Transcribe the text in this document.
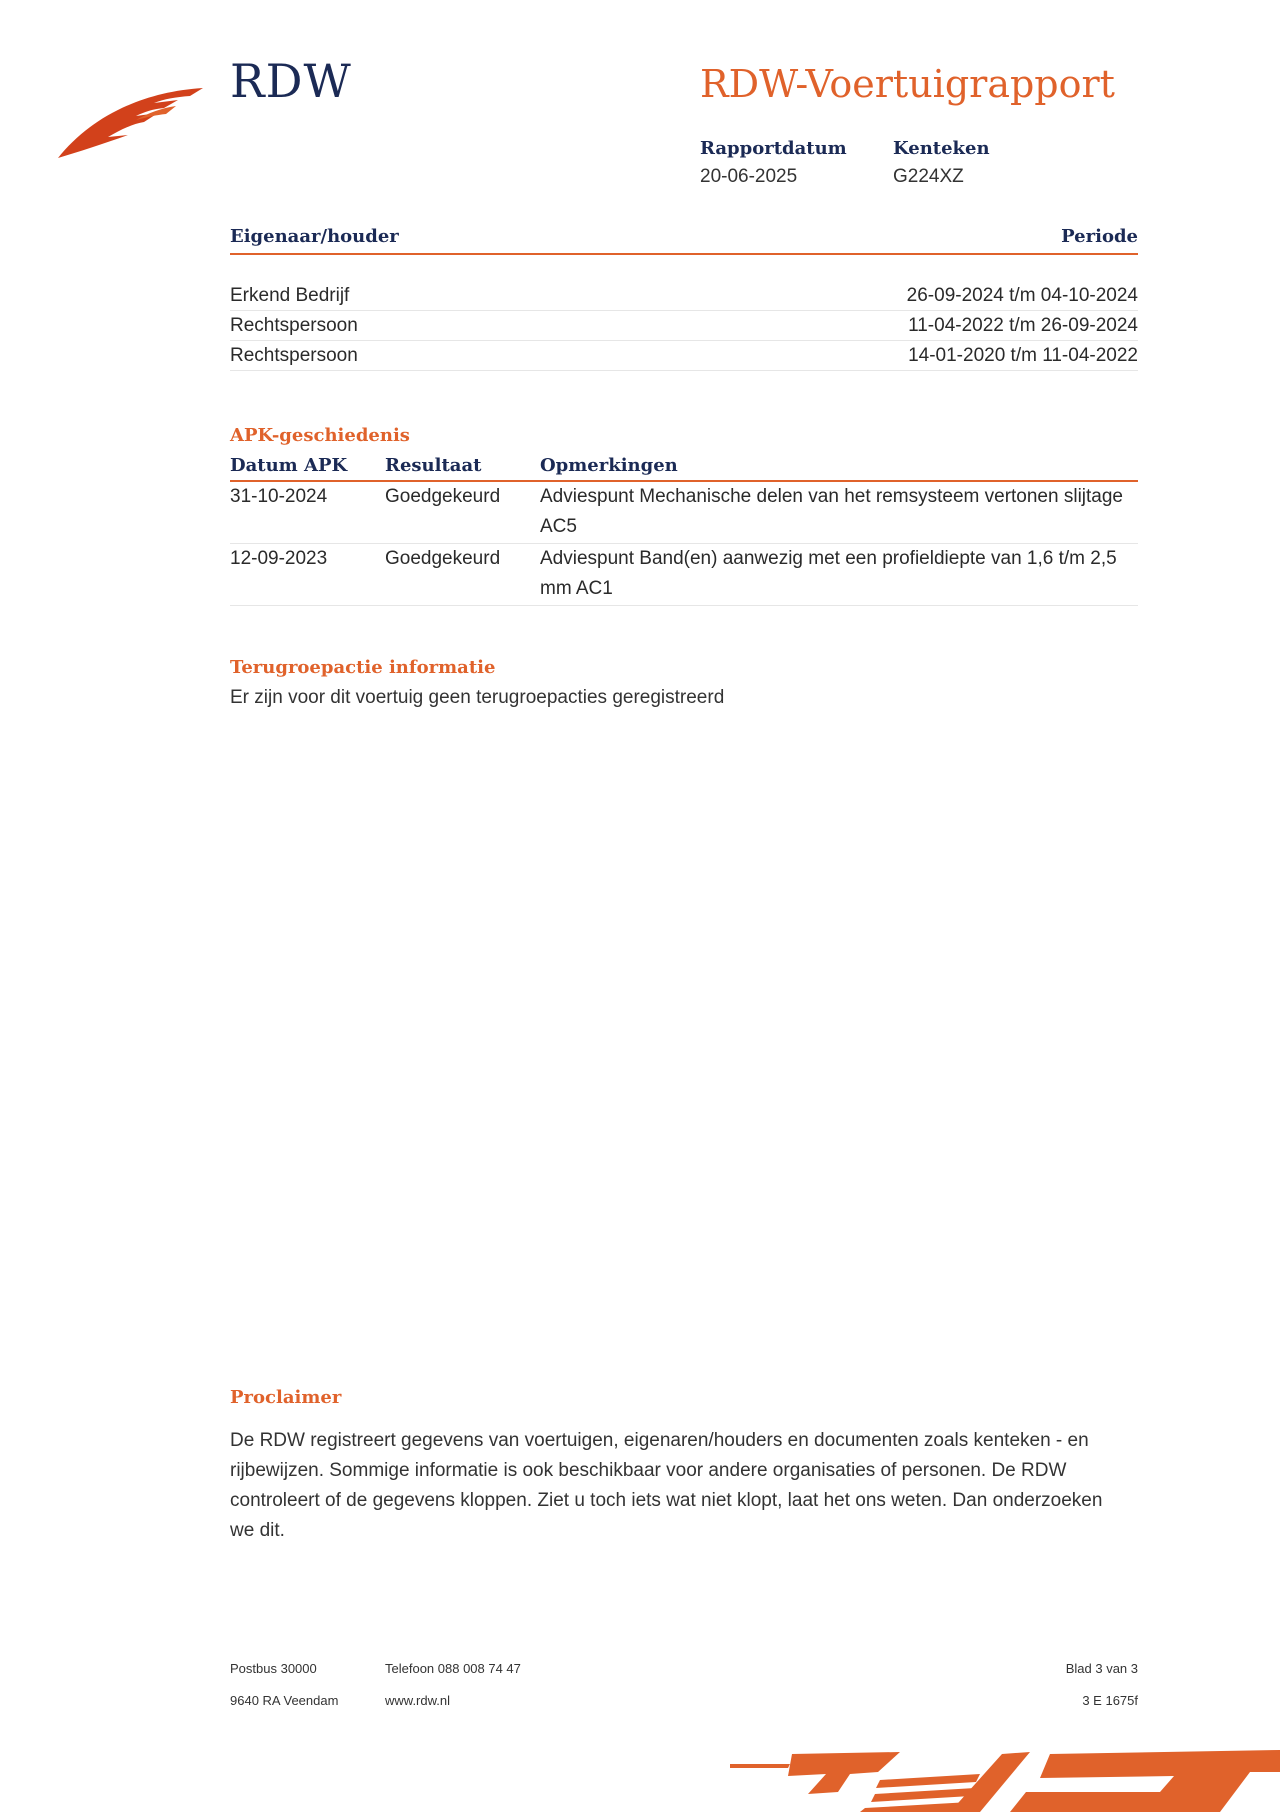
RDW	RDW-Voertuigrapport
Rapportdatum
20-06-2025
Kenteken
G224XZ
Eigenaar/houder	Periode
Erkend Bedrijf	26-09-2024 t/m 04-10-2024
Rechtspersoon	11-04-2022 t/m 26-09-2024
Rechtspersoon	14-01-2020 t/m 11-04-2022
APK-geschiedenis
Datum APK	Resultaat	Opmerkingen
31-10-2024	Goedgekeurd	Adviespunt Mechanische delen van het remsysteem vertonen slijtage AC5
12-09-2023	Goedgekeurd	Adviespunt Band(en) aanwezig met een profieldiepte van 1,6 t/m 2,5 mm AC1
Terugroepactie informatie
Er zijn voor dit voertuig geen terugroepacties geregistreerd
Proclaimer
De RDW registreert gegevens van voertuigen, eigenaren/houders en documenten zoals kenteken - en rijbewijzen. Sommige informatie is ook beschikbaar voor andere organisaties of personen. De RDW controleert of de gegevens kloppen. Ziet u toch iets wat niet klopt, laat het ons weten. Dan onderzoeken we dit.
Postbus 30000
9640 RA Veendam
Telefoon 088 008 74 47
www.rdw.nl
Blad 3 van 3
3 E 1675f
